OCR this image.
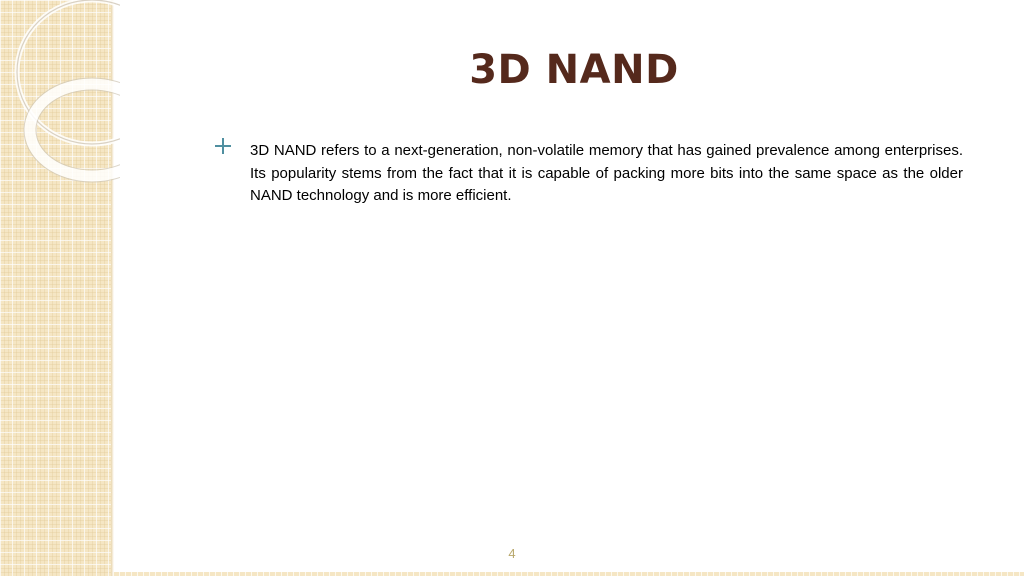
3D NAND

3D NAND refers to a next-generation, non-volatile memory that has gained prevalence among enterprises. Its popularity stems from the fact that it is capable of packing more bits into the same space as the older NAND technology and is more efficient.

4
